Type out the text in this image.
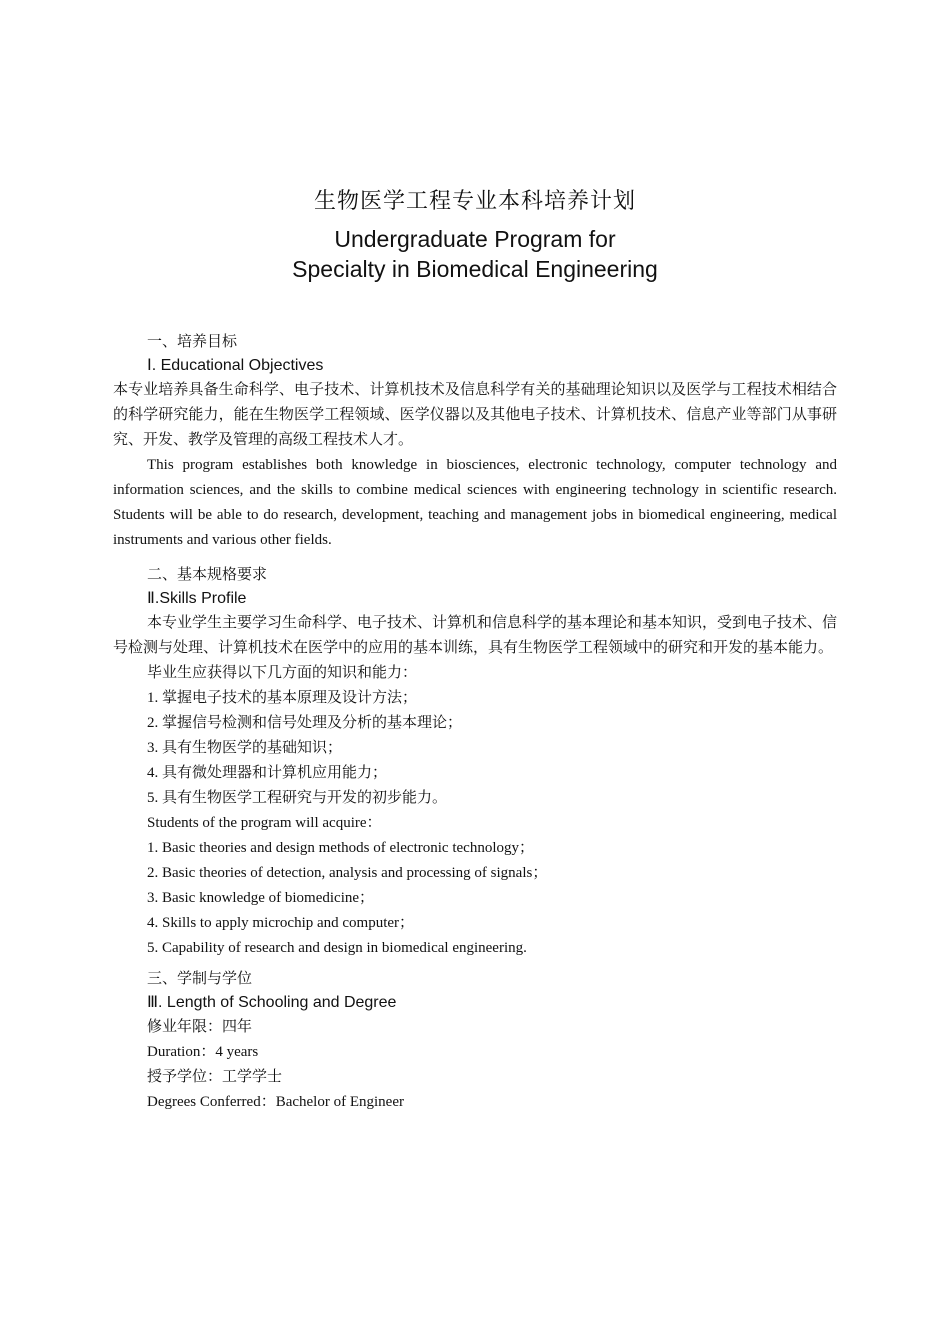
生物医学工程专业本科培养计划
Undergraduate Program for
Specialty in Biomedical Engineering
一、培养目标
Ⅰ. Educational Objectives
本专业培养具备生命科学、电子技术、计算机技术及信息科学有关的基础理论知识以及医学与工程技术相结合的科学研究能力，能在生物医学工程领域、医学仪器以及其他电子技术、计算机技术、信息产业等部门从事研究、开发、教学及管理的高级工程技术人才。
This program establishes both knowledge in biosciences, electronic technology, computer technology and information sciences, and the skills to combine medical sciences with engineering technology in scientific research. Students will be able to do research, development, teaching and management jobs in biomedical engineering, medical instruments and various other fields.
二、基本规格要求
Ⅱ.Skills Profile
本专业学生主要学习生命科学、电子技术、计算机和信息科学的基本理论和基本知识，受到电子技术、信号检测与处理、计算机技术在医学中的应用的基本训练，具有生物医学工程领域中的研究和开发的基本能力。
毕业生应获得以下几方面的知识和能力：
1. 掌握电子技术的基本原理及设计方法；
2. 掌握信号检测和信号处理及分析的基本理论；
3. 具有生物医学的基础知识；
4. 具有微处理器和计算机应用能力；
5. 具有生物医学工程研究与开发的初步能力。
Students of the program will acquire：
1. Basic theories and design methods of electronic technology；
2. Basic theories of detection, analysis and processing of signals；
3. Basic knowledge of biomedicine；
4. Skills to apply microchip and computer；
5. Capability of research and design in biomedical engineering.
三、学制与学位
Ⅲ. Length of Schooling and Degree
修业年限：四年
Duration：4 years
授予学位：工学学士
Degrees Conferred：Bachelor of Engineer
